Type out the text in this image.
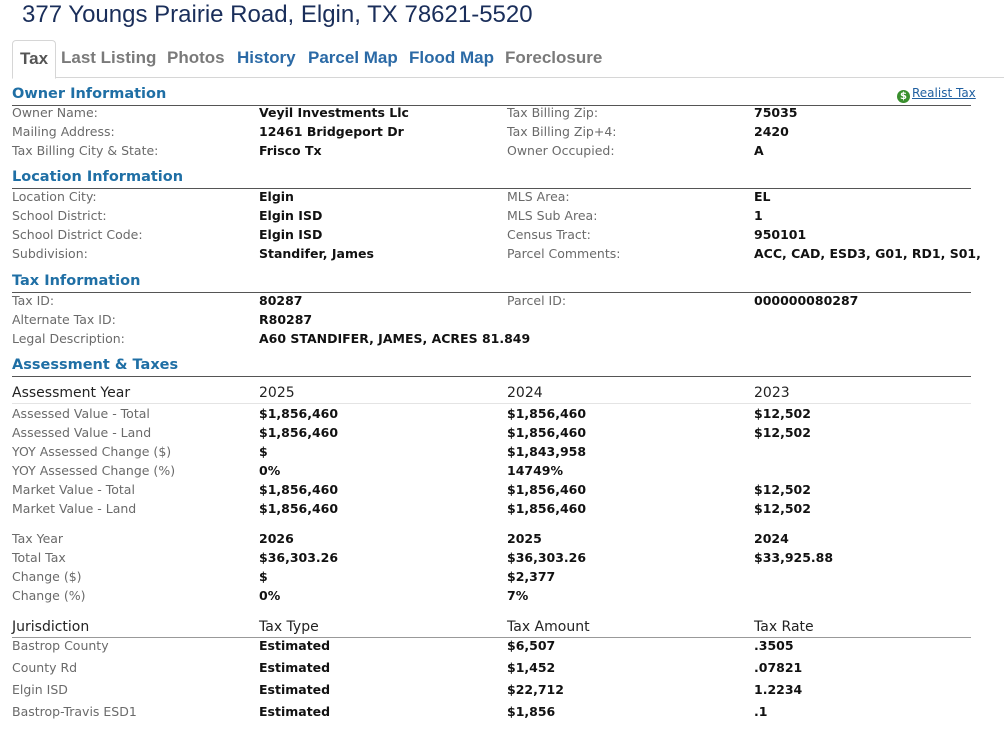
377 Youngs Prairie Road, Elgin, TX 78621-5520
Tax Last Listing Photos History Parcel Map Flood Map Foreclosure
$ Realist Tax
Owner Information
Owner Name:	Veyil Investments Llc	Tax Billing Zip:	75035
Mailing Address:	12461 Bridgeport Dr	Tax Billing Zip+4:	2420
Tax Billing City & State:	Frisco Tx	Owner Occupied:	A
Location Information
Location City:	Elgin	MLS Area:	EL
School District:	Elgin ISD	MLS Sub Area:	1
School District Code:	Elgin ISD	Census Tract:	950101
Subdivision:	Standifer, James	Parcel Comments:	ACC, CAD, ESD3, G01, RD1, S01,
Tax Information
Tax ID:	80287	Parcel ID:	000000080287
Alternate Tax ID:	R80287
Legal Description:	A60 STANDIFER, JAMES, ACRES 81.849
Assessment & Taxes
Assessment Year	2025	2024	2023
Assessed Value - Total	$1,856,460	$1,856,460	$12,502
Assessed Value - Land	$1,856,460	$1,856,460	$12,502
YOY Assessed Change ($)	$	$1,843,958
YOY Assessed Change (%)	0%	14749%
Market Value - Total	$1,856,460	$1,856,460	$12,502
Market Value - Land	$1,856,460	$1,856,460	$12,502
Tax Year	2026	2025	2024
Total Tax	$36,303.26	$36,303.26	$33,925.88
Change ($)	$	$2,377
Change (%)	0%	7%
Jurisdiction	Tax Type	Tax Amount	Tax Rate
Bastrop County	Estimated	$6,507	.3505
County Rd	Estimated	$1,452	.07821
Elgin ISD	Estimated	$22,712	1.2234
Bastrop-Travis ESD1	Estimated	$1,856	.1
